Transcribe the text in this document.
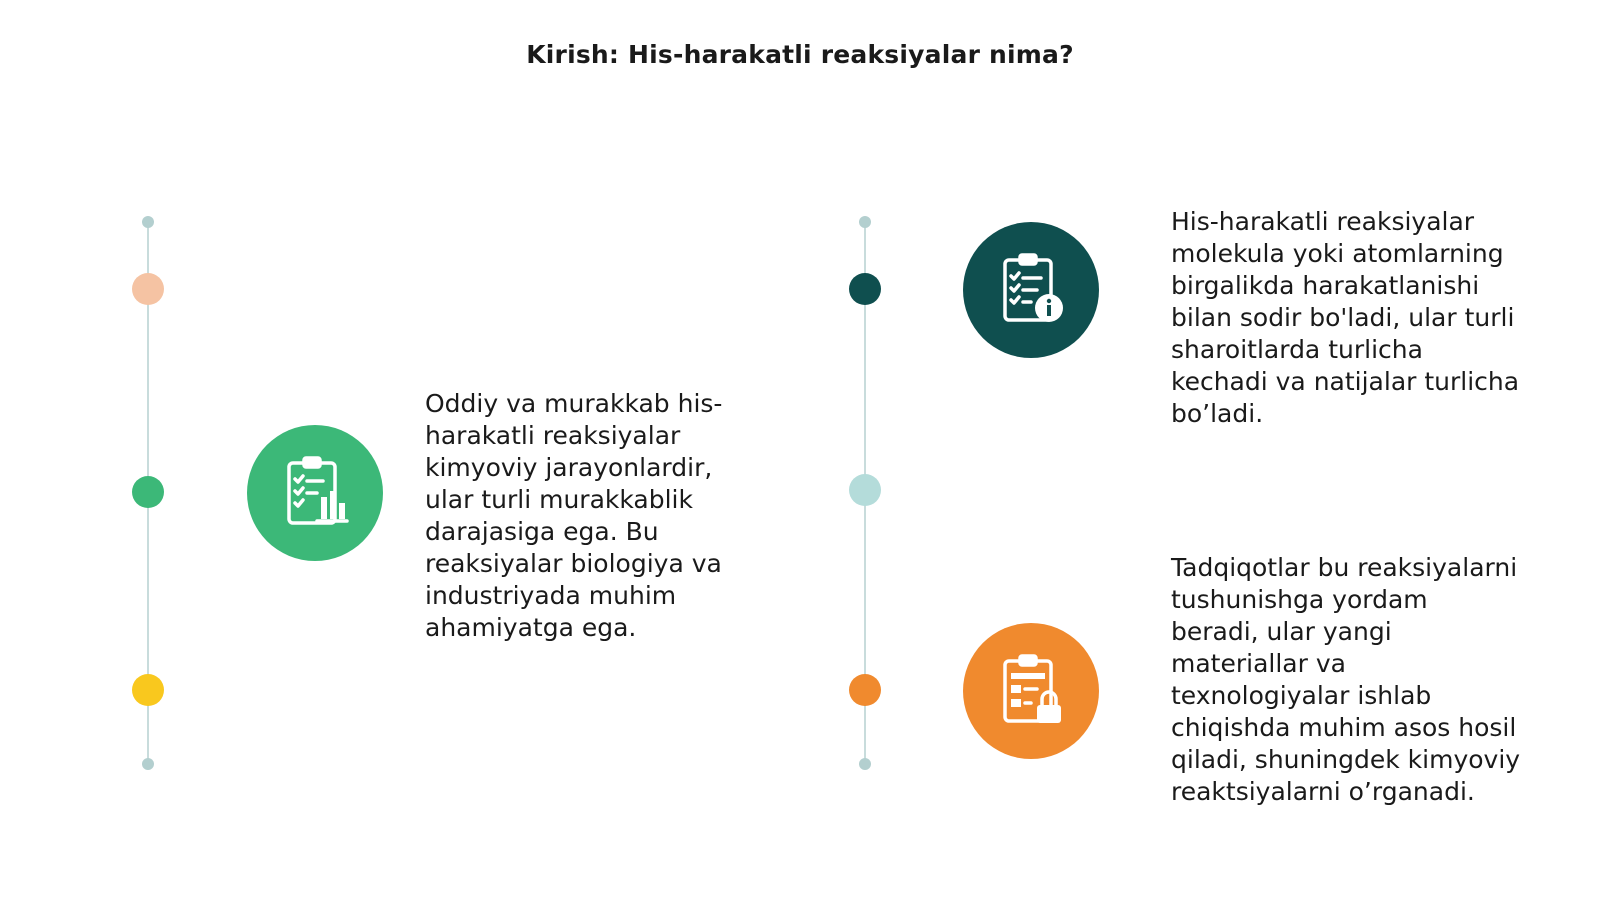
Kirish: His-harakatli reaksiyalar nima?

Oddiy va murakkab his-
harakatli reaksiyalar
kimyoviy jarayonlardir,
ular turli murakkablik
darajasiga ega. Bu
reaksiyalar biologiya va
industriyada muhim
ahamiyatga ega.

His-harakatli reaksiyalar
molekula yoki atomlarning
birgalikda harakatlanishi
bilan sodir bo'ladi, ular turli
sharoitlarda turlicha
kechadi va natijalar turlicha
bo’ladi.

Tadqiqotlar bu reaksiyalarni
tushunishga yordam
beradi, ular yangi
materiallar va
texnologiyalar ishlab
chiqishda muhim asos hosil
qiladi, shuningdek kimyoviy
reaktsiyalarni o’rganadi.
